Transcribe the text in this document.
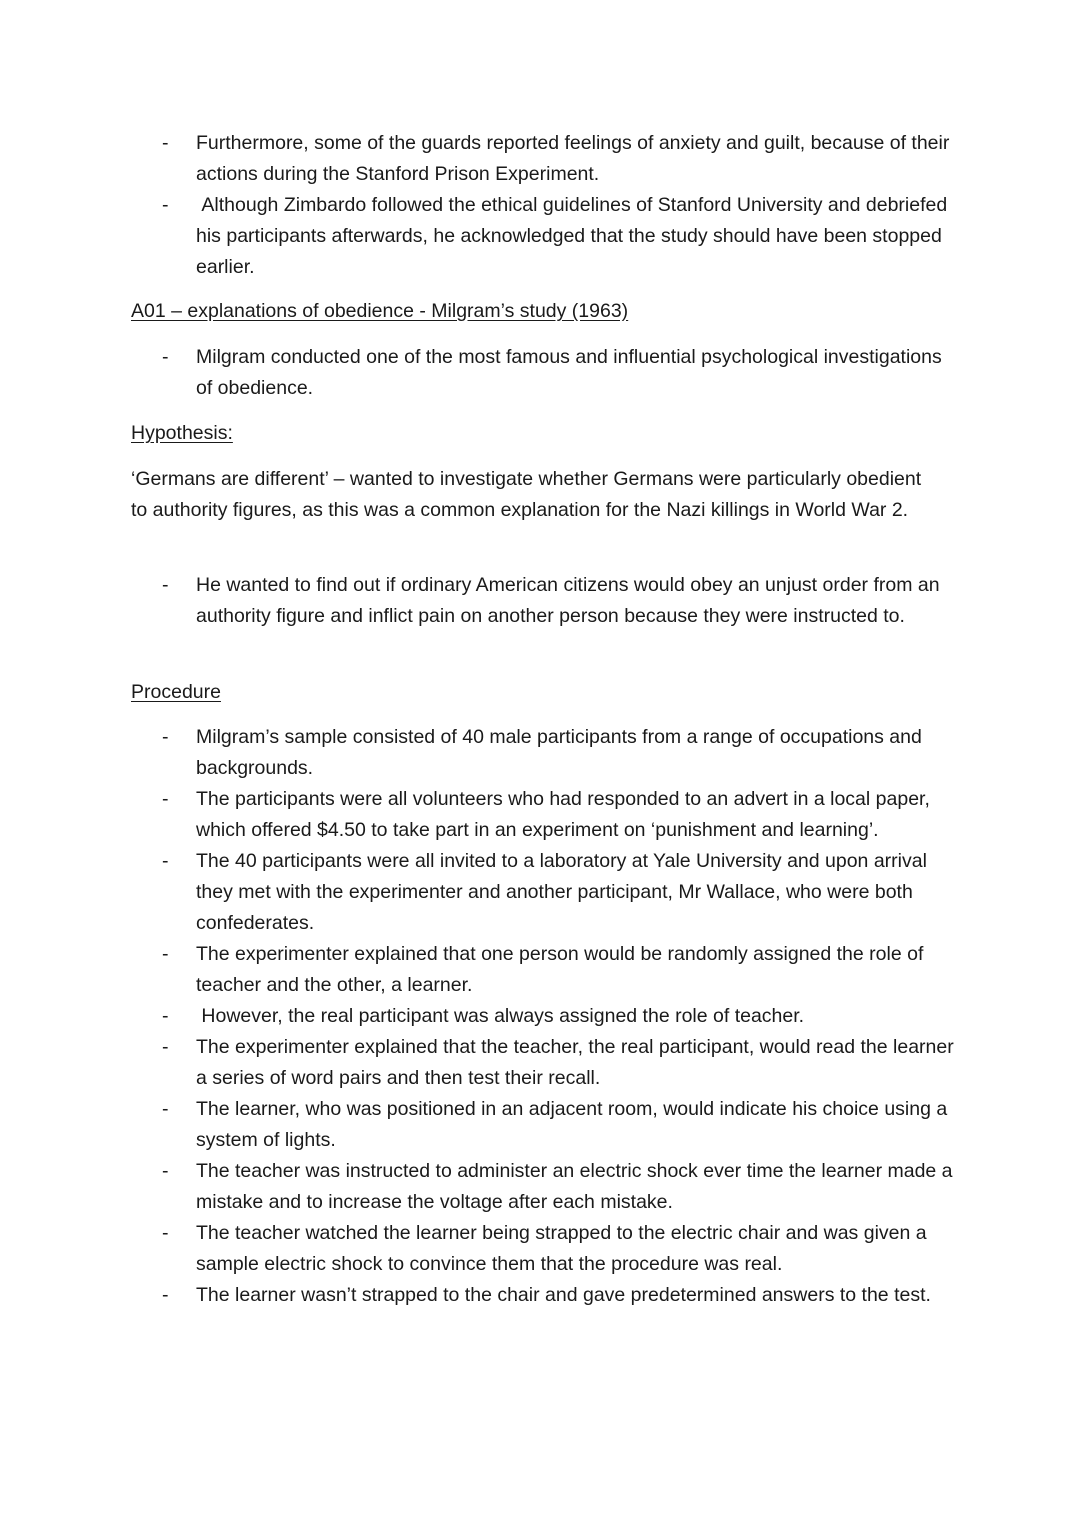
- Furthermore, some of the guards reported feelings of anxiety and guilt, because of their actions during the Stanford Prison Experiment.
- Although Zimbardo followed the ethical guidelines of Stanford University and debriefed his participants afterwards, he acknowledged that the study should have been stopped earlier.
A01 – explanations of obedience - Milgram’s study (1963)
- Milgram conducted one of the most famous and influential psychological investigations of obedience.
Hypothesis:
‘Germans are different’ – wanted to investigate whether Germans were particularly obedient to authority figures, as this was a common explanation for the Nazi killings in World War 2.
- He wanted to find out if ordinary American citizens would obey an unjust order from an authority figure and inflict pain on another person because they were instructed to.
Procedure
- Milgram’s sample consisted of 40 male participants from a range of occupations and backgrounds.
- The participants were all volunteers who had responded to an advert in a local paper, which offered $4.50 to take part in an experiment on ‘punishment and learning’.
- The 40 participants were all invited to a laboratory at Yale University and upon arrival they met with the experimenter and another participant, Mr Wallace, who were both confederates.
- The experimenter explained that one person would be randomly assigned the role of teacher and the other, a learner.
- However, the real participant was always assigned the role of teacher.
- The experimenter explained that the teacher, the real participant, would read the learner a series of word pairs and then test their recall.
- The learner, who was positioned in an adjacent room, would indicate his choice using a system of lights.
- The teacher was instructed to administer an electric shock ever time the learner made a mistake and to increase the voltage after each mistake.
- The teacher watched the learner being strapped to the electric chair and was given a sample electric shock to convince them that the procedure was real.
- The learner wasn’t strapped to the chair and gave predetermined answers to the test.
